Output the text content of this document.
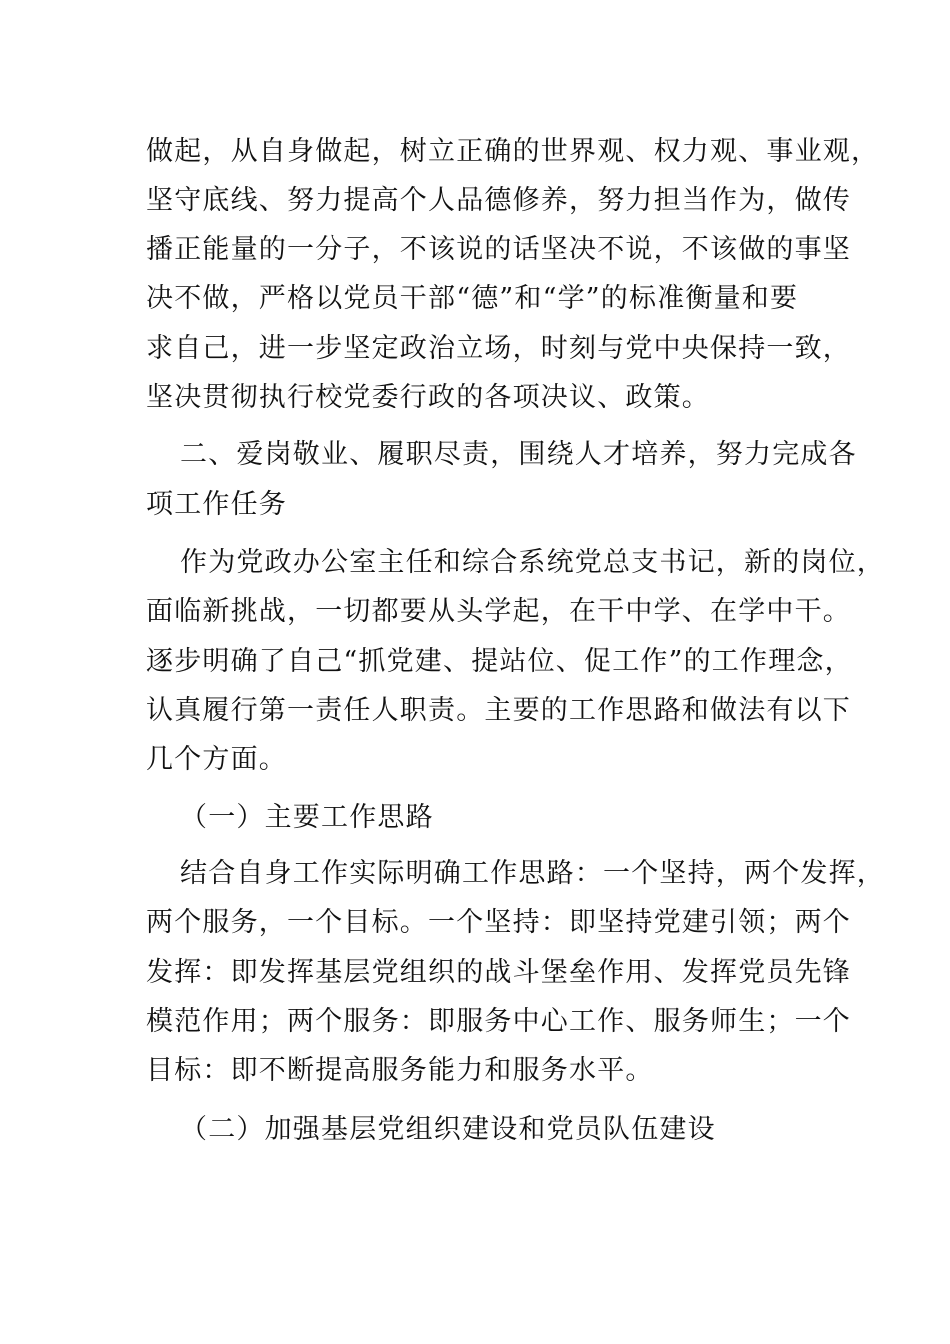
做起，从自身做起，树立正确的世界观、权力观、事业观，
坚守底线、努力提高个人品德修养，努力担当作为，做传
播正能量的一分子，不该说的话坚决不说，不该做的事坚
决不做，严格以党员干部“德”和“学”的标准衡量和要
求自己，进一步坚定政治立场，时刻与党中央保持一致，
坚决贯彻执行校党委行政的各项决议、政策。
二、爱岗敬业、履职尽责，围绕人才培养，努力完成各
项工作任务
作为党政办公室主任和综合系统党总支书记，新的岗位，
面临新挑战，一切都要从头学起，在干中学、在学中干。
逐步明确了自己“抓党建、提站位、促工作”的工作理念，
认真履行第一责任人职责。主要的工作思路和做法有以下
几个方面。
（一）主要工作思路
结合自身工作实际明确工作思路：一个坚持，两个发挥，
两个服务，一个目标。一个坚持：即坚持党建引领；两个
发挥：即发挥基层党组织的战斗堡垒作用、发挥党员先锋
模范作用；两个服务：即服务中心工作、服务师生；一个
目标：即不断提高服务能力和服务水平。
（二）加强基层党组织建设和党员队伍建设
